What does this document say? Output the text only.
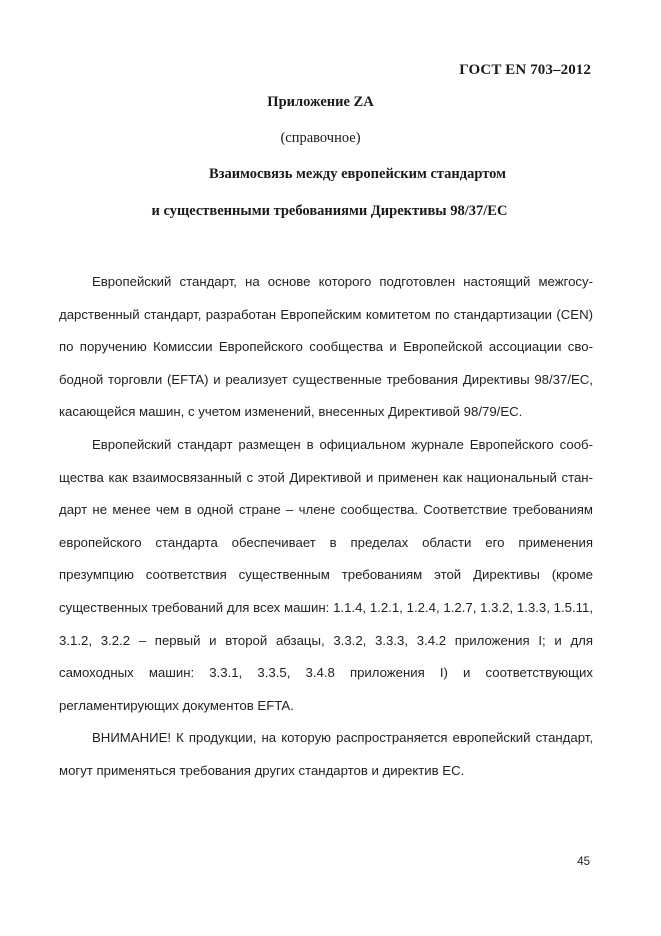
ГОСТ EN 703–2012
Приложение ZA
(справочное)
Взаимосвязь между европейским стандартом
и существенными требованиями Директивы 98/37/ЕС

Европейский стандарт, на основе которого подготовлен настоящий межгосударственный стандарт, разработан Европейским комитетом по стандартизации (CEN) по поручению Комиссии Европейского сообщества и Европейской ассоциации свободной торговли (EFTA) и реализует существенные требования Директивы 98/37/ЕС, касающейся машин, с учетом изменений, внесенных Директивой 98/79/ЕС.

Европейский стандарт размещен в официальном журнале Европейского сообщества как взаимосвязанный с этой Директивой и применен как национальный стандарт не менее чем в одной стране – члене сообщества. Соответствие требованиям европейского стандарта обеспечивает в пределах области его применения презумпцию соответствия существенным требованиям этой Директивы (кроме существенных требований для всех машин: 1.1.4, 1.2.1, 1.2.4, 1.2.7, 1.3.2, 1.3.3, 1.5.11, 3.1.2, 3.2.2 – первый и второй абзацы, 3.3.2, 3.3.3, 3.4.2 приложения I; и для самоходных машин: 3.3.1, 3.3.5, 3.4.8 приложения I) и соответствующих регламентирующих документов EFTA.

ВНИМАНИЕ! К продукции, на которую распространяется европейский стандарт, могут применяться требования других стандартов и директив ЕС.

45
